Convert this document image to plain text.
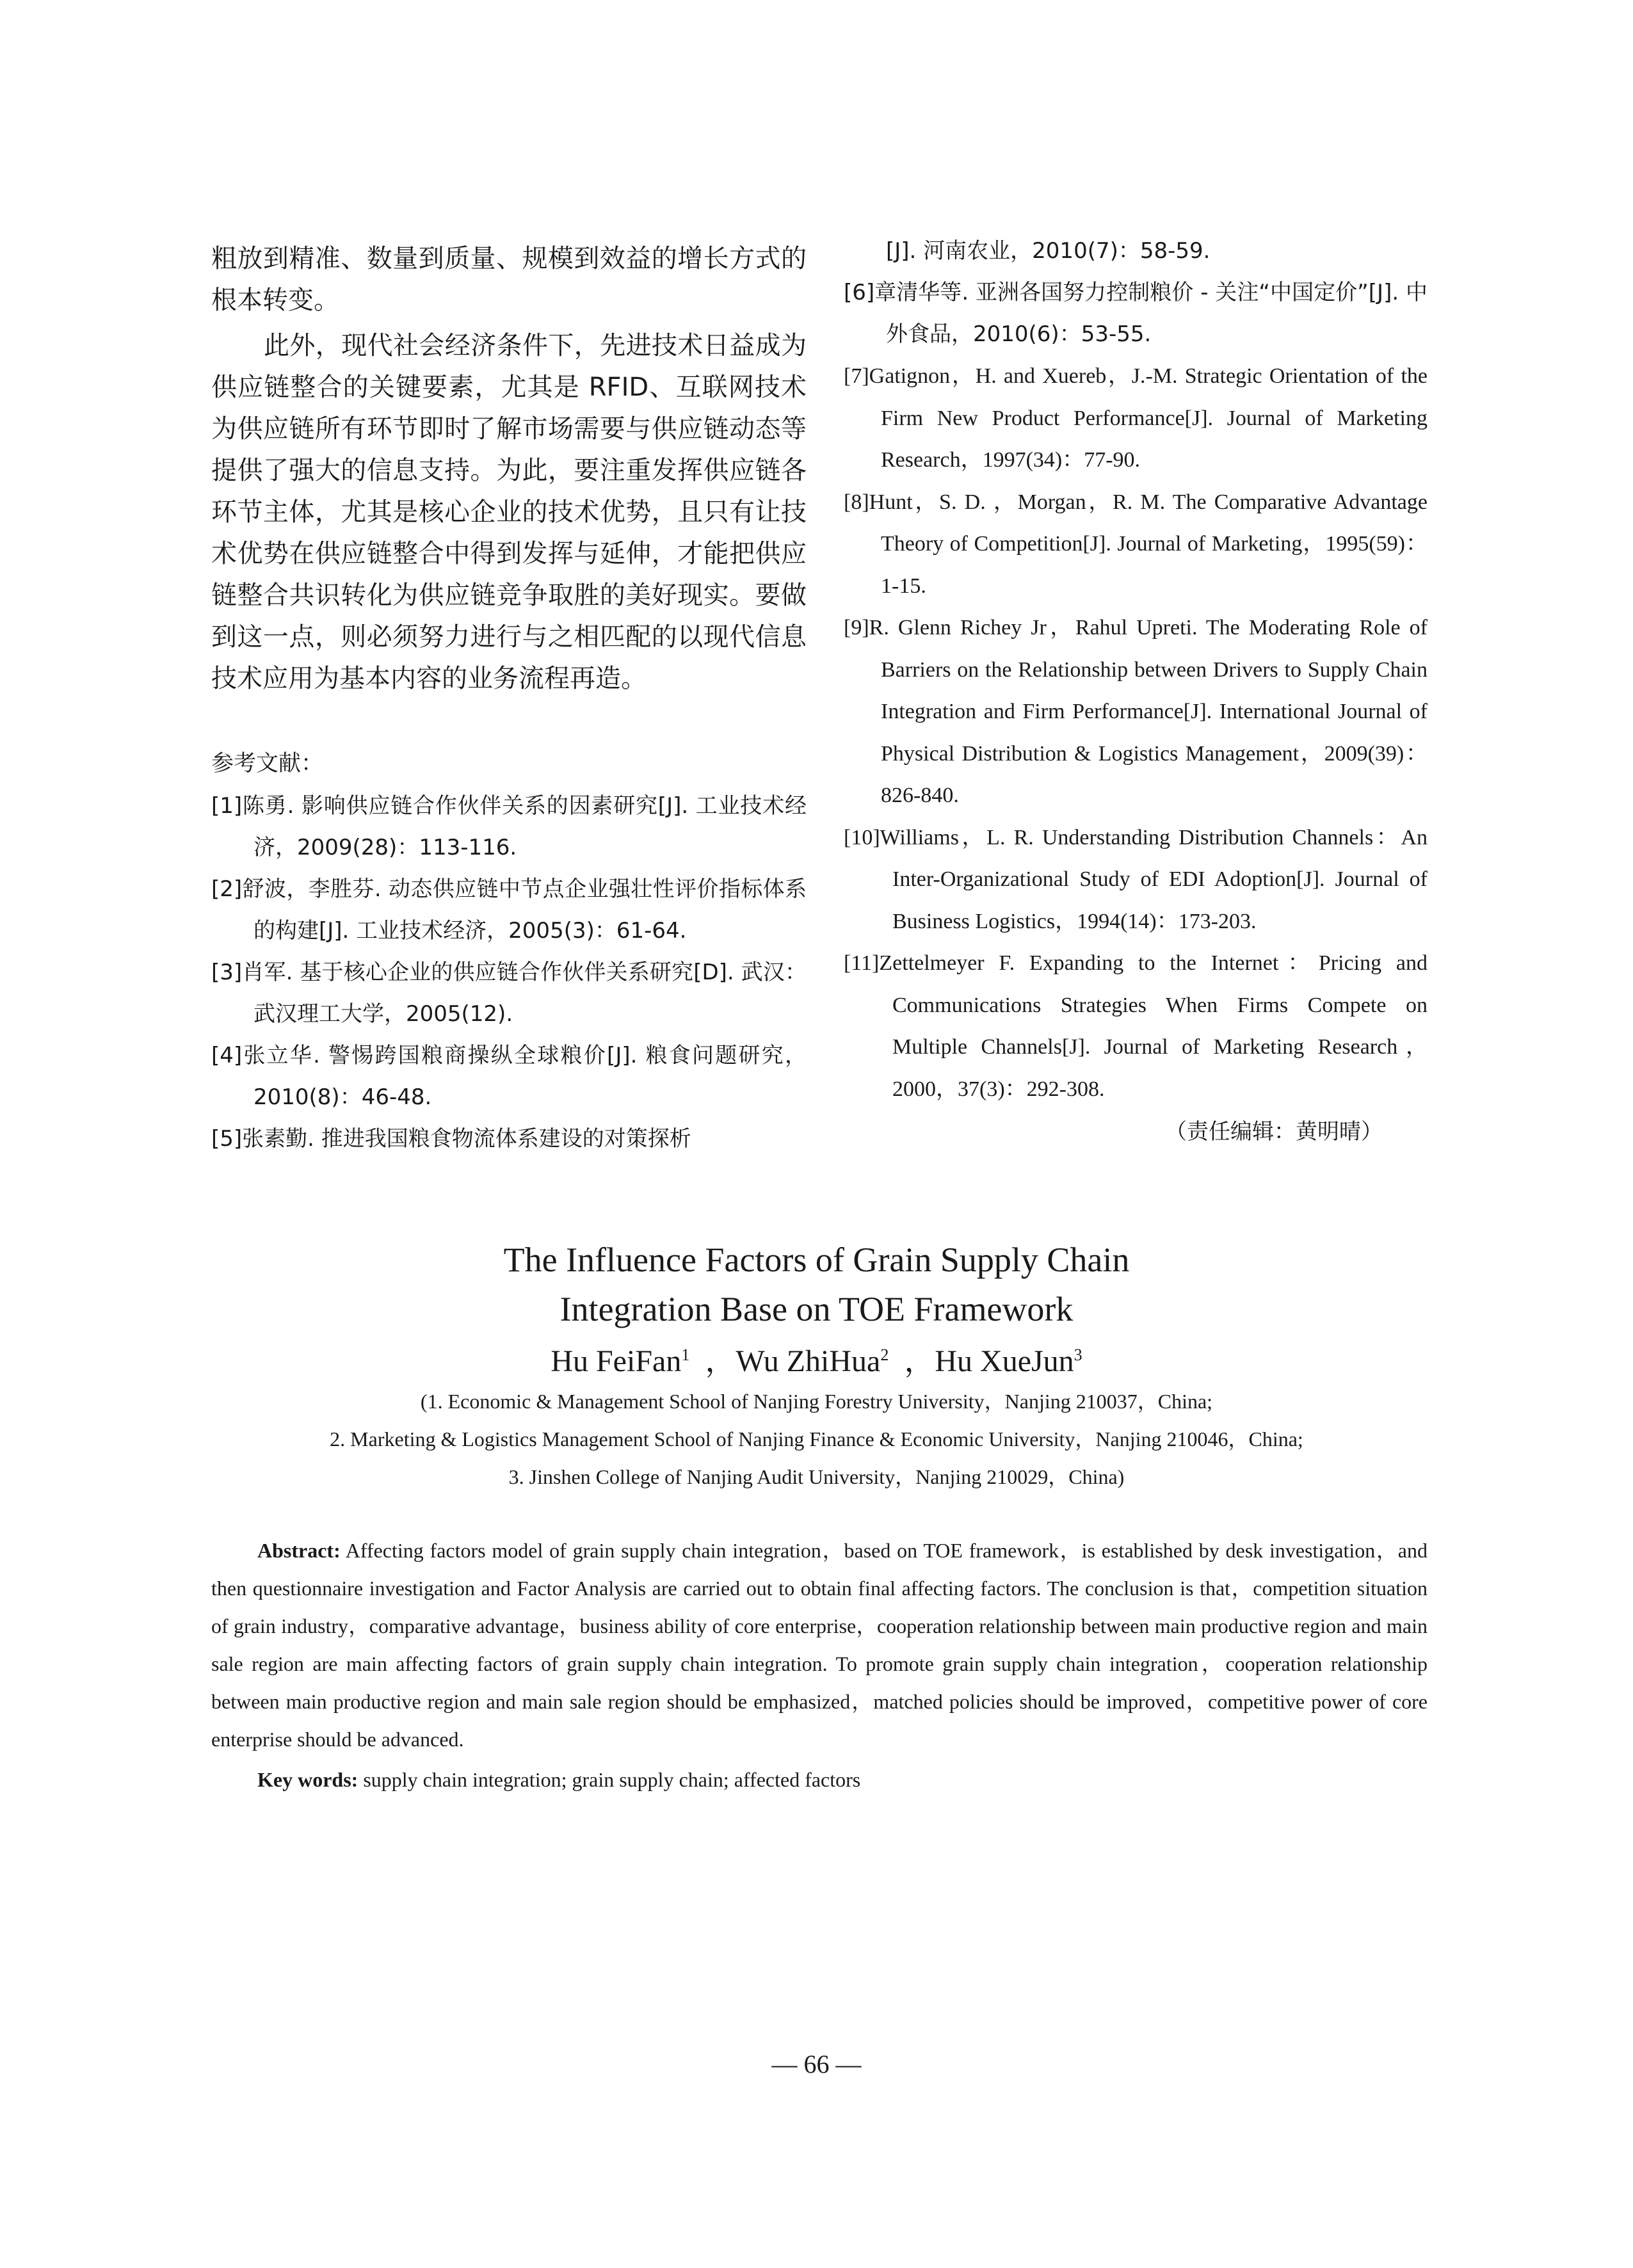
粗放到精准、数量到质量、规模到效益的增长方式的根本转变。

此外，现代社会经济条件下，先进技术日益成为供应链整合的关键要素，尤其是 RFID、互联网技术为供应链所有环节即时了解市场需要与供应链动态等提供了强大的信息支持。为此，要注重发挥供应链各环节主体，尤其是核心企业的技术优势，且只有让技术优势在供应链整合中得到发挥与延伸，才能把供应链整合共识转化为供应链竞争取胜的美好现实。要做到这一点，则必须努力进行与之相匹配的以现代信息技术应用为基本内容的业务流程再造。

参考文献：

[1]陈勇. 影响供应链合作伙伴关系的因素研究[J]. 工业技术经济，2009(28)：113-116.

[2]舒波，李胜芬. 动态供应链中节点企业强壮性评价指标体系的构建[J]. 工业技术经济，2005(3)：61-64.

[3]肖军. 基于核心企业的供应链合作伙伴关系研究[D]. 武汉：武汉理工大学，2005(12).

[4]张立华. 警惕跨国粮商操纵全球粮价[J]. 粮食问题研究，2010(8)：46-48.

[5]张素勤. 推进我国粮食物流体系建设的对策探析

[J]. 河南农业，2010(7)：58-59.

[6]章清华等. 亚洲各国努力控制粮价 - 关注“中国定价”[J]. 中外食品，2010(6)：53-55.

[7]Gatignon，H. and Xuereb，J.-M. Strategic Orientation of the Firm New Product Performance[J]. Journal of Marketing Research，1997(34)：77-90.

[8]Hunt，S. D. ，Morgan，R. M. The Comparative Advantage Theory of Competition[J]. Journal of Marketing，1995(59)：1-15.

[9]R. Glenn Richey Jr，Rahul Upreti. The Moderating Role of Barriers on the Relationship between Drivers to Supply Chain Integration and Firm Performance[J]. International Journal of Physical Distribution & Logistics Management，2009(39)：826-840.

[10]Williams，L. R. Understanding Distribution Channels：An Inter-Organizational Study of EDI Adoption[J]. Journal of Business Logistics，1994(14)：173-203.

[11]Zettelmeyer F. Expanding to the Internet：Pricing and Communications Strategies When Firms Compete on Multiple Channels[J]. Journal of Marketing Research，2000，37(3)：292-308.

（责任编辑：黄明晴）

The Influence Factors of Grain Supply Chain
Integration Base on TOE Framework

Hu FeiFan$^1$  ，Wu ZhiHua$^2$  ，Hu XueJun$^3$

(1. Economic & Management School of Nanjing Forestry University，Nanjing 210037，China;

2. Marketing & Logistics Management School of Nanjing Finance & Economic University，Nanjing 210046，China;

3. Jinshen College of Nanjing Audit University，Nanjing 210029，China)

Abstract: Affecting factors model of grain supply chain integration，based on TOE framework，is established by desk investigation，and then questionnaire investigation and Factor Analysis are carried out to obtain final affecting factors. The conclusion is that，competition situation of grain industry，comparative advantage，business ability of core enterprise，cooperation relationship between main productive region and main sale region are main affecting factors of grain supply chain integration. To promote grain supply chain integration，cooperation relationship between main productive region and main sale region should be emphasized，matched policies should be improved，competitive power of core enterprise should be advanced.

Key words: supply chain integration; grain supply chain; affected factors

— 66 —
